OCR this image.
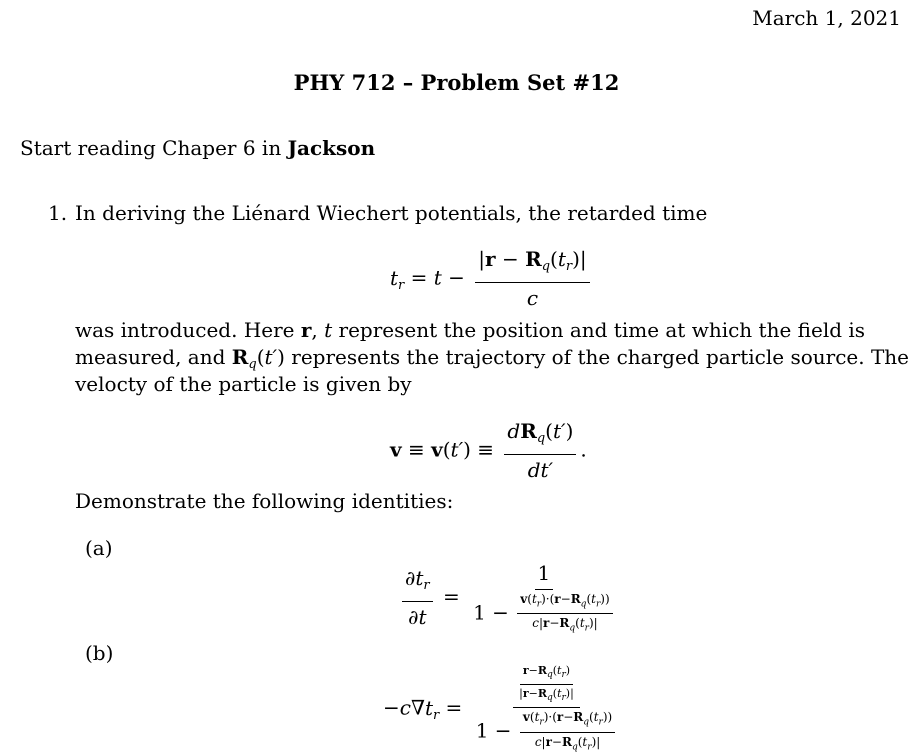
March 1, 2021
PHY 712 – Problem Set #12
Start reading Chaper 6 in Jackson
1. In deriving the Liénard Wiechert potentials, the retarded time
$t_r = t - \frac{|r - R_q(t_r)|}{c}$
was introduced. Here r, t represent the position and time at which the field is
measured, and $R_q(t')$ represents the trajectory of the charged particle source. The
velocty of the particle is given by
$v \equiv v(t') \equiv \frac{dR_q(t')}{dt'}$ .
Demonstrate the following identities:
(a)
$\frac{\partial t_r}{\partial t} = \frac{1}{1 - \frac{v(t_r)\cdot(r-R_q(t_r))}{c|r-R_q(t_r)|}}$
(b)
$-c\nabla t_r = \frac{\frac{r-R_q(t_r)}{|r-R_q(t_r)|}}{1 - \frac{v(t_r)\cdot(r-R_q(t_r))}{c|r-R_q(t_r)|}}$
